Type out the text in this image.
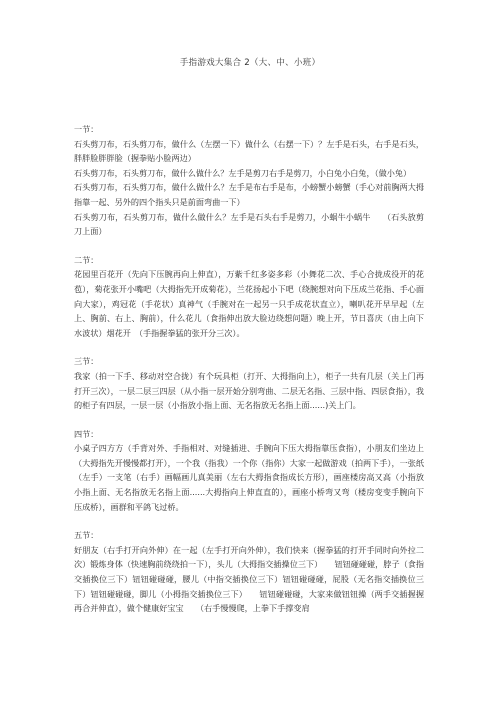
手指游戏大集合 2（大、中、小班）
一节：
石头剪刀布，石头剪刀布，做什么（左摆一下）做什么（右摆一下）？左手是石头，右手是石头，胖胖脸胖胖脸（握拳贴小脸两边）
石头剪刀布，石头剪刀布，做什么做什么？左手是剪刀右手是剪刀，小白兔小白兔，（做小兔）
石头剪刀布，石头剪刀布，做什么做什么？左手是布右手是布，小螃蟹小螃蟹（手心对前胸两大拇指靠一起、另外的四个指头只是前面弯曲一下）
石头剪刀布，石头剪刀布，做什么做什么？左手是石头右手是剪刀，小蜗牛小蜗牛　　（石头放剪刀上面）
二节：
花园里百花开（先向下压腕再向上伸直），万紫千红多姿多彩（小舞花二次、手心合拢成役开的花苞），菊花张开小嘴吧（大拇指先开成菊花），兰花扬起小下吧（绕腕想对向下压成兰花指、手心面向大家），鸡冠花（手花状）真神气（手腕对在一起另一只手成花状直立），喇叭花开早早起（左上、胸前、右上、胸前），什么花儿（食指伸出放大脸边绕想问题）晚上开，节日喜庆（由上向下水波状）烟花开　（手指握拳猛的张开分三次）。
三节：
我家（拍一下手、移动对空合拢）有个玩具柜（打开、大拇指向上），柜子一共有几层（关上门再打开三次），一层二层三四层（从小指一层开始分别弯曲、二层无名指、三层中指、四层食指），我的柜子有四层，一层一层（小指放小指上面、无名指放无名指上面......)关上门。
四节：
小桌子四方方（手背对外、手指相对、对缝插进、手腕向下压大拇指靠压食指），小朋友们坐边上（大拇指先开慢慢都打开），一个我（指我）一个你（指你）大家一起做游戏（拍两下手），一张纸（左手）一支笔（右手）画幅画儿真美丽（左右大拇指食指成长方形），画座楼房高又高（小指放小指上面、无名指放无名指上面......大拇指向上伸直直的），画座小桥弯又弯（楼房变变手腕向下压成桥），画群和平鸽飞过桥。
五节：
好朋友（右手打开向外伸）在一起（左手打开向外伸），我们快来（握拳猛的打开手同时向外拉二次）锻炼身体（快速胸前绕绕拍一下），头儿（大拇指交插操位三下）　　钮钮碰碰碰，脖子（食指交插换位三下）钮钮碰碰碰，腰儿（中指交插换位三下）钮钮碰碰碰，屁股（无名指交插换位三下）钮钮碰碰碰，脚儿（小拇指交插换位三下）　　钮钮碰碰碰，大家来做钮钮操（两手交插握握再合并伸直），做个健康好宝宝　　（右手慢慢爬，上拳下手撑变肩
